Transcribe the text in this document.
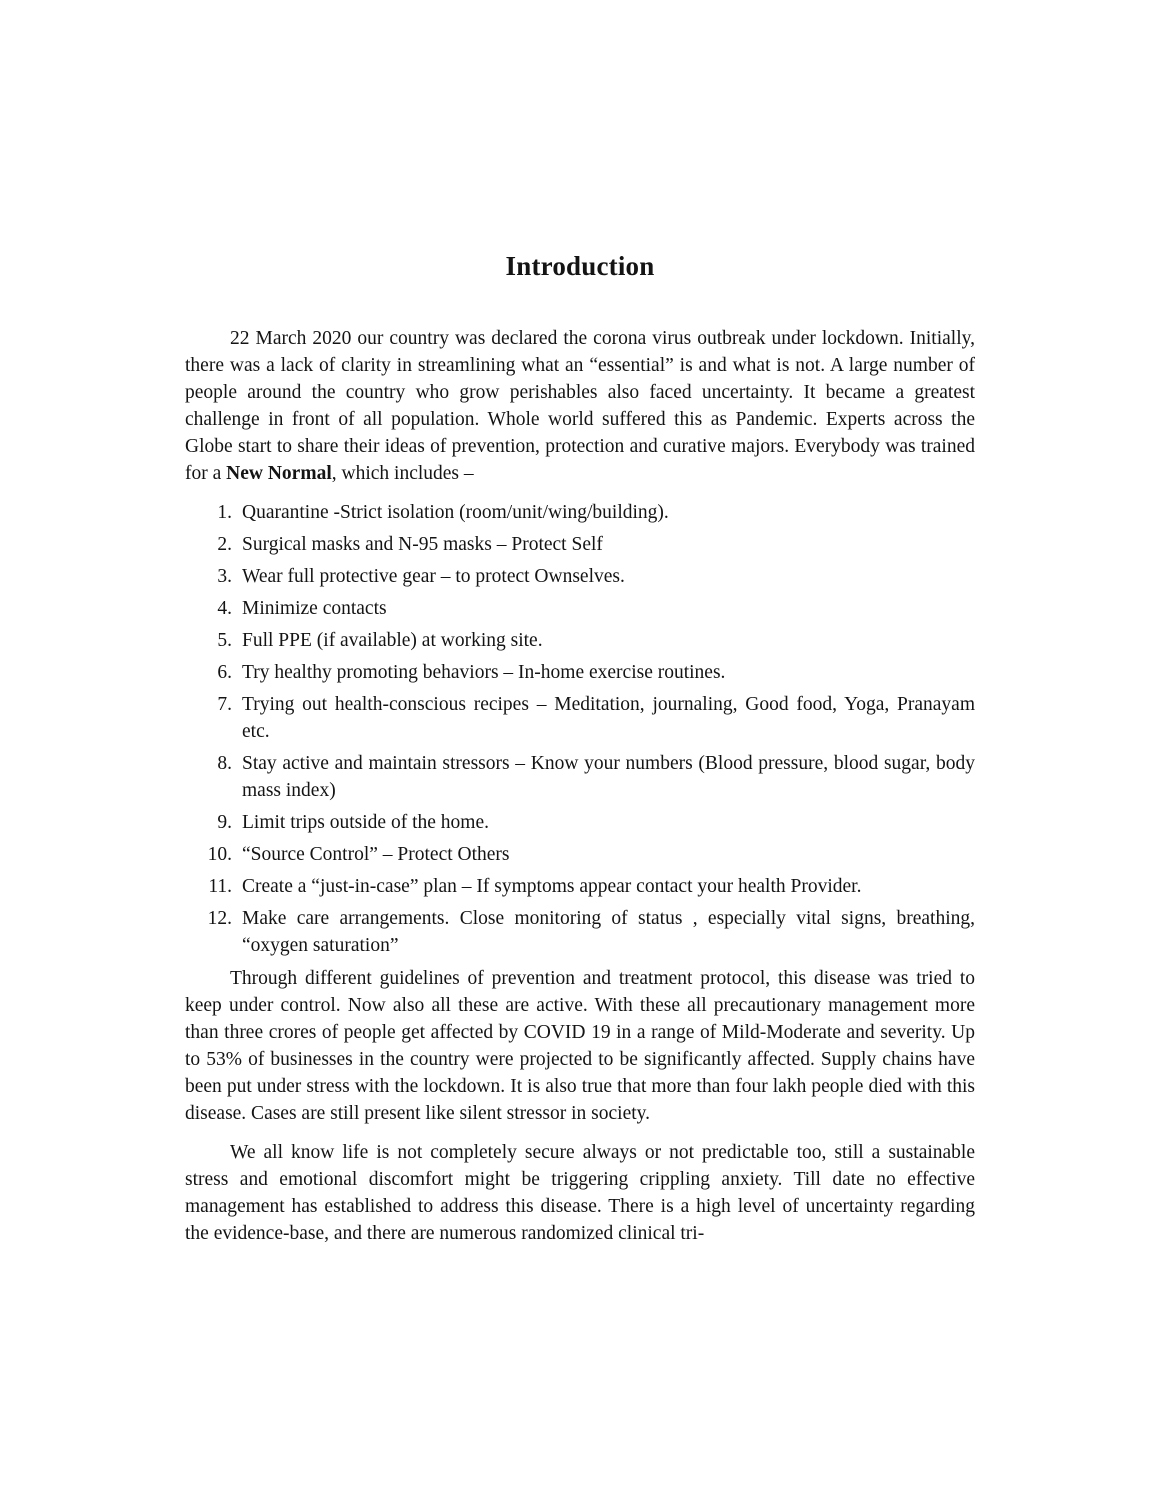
Introduction

22 March 2020 our country was declared the corona virus outbreak under lockdown. Initially, there was a lack of clarity in streamlining what an “essential” is and what is not. A large number of people around the country who grow perishables also faced uncertainty. It became a greatest challenge in front of all population. Whole world suffered this as Pandemic. Experts across the Globe start to share their ideas of prevention, protection and curative majors. Everybody was trained for a New Normal, which includes –

1. Quarantine -Strict isolation (room/unit/wing/building).
2. Surgical masks and N-95 masks – Protect Self
3. Wear full protective gear – to protect Ownselves.
4. Minimize contacts
5. Full PPE (if available) at working site.
6. Try healthy promoting behaviors – In-home exercise routines.
7. Trying out health-conscious recipes – Meditation, journaling, Good food, Yoga, Pranayam etc.
8. Stay active and maintain stressors – Know your numbers (Blood pressure, blood sugar, body mass index)
9. Limit trips outside of the home.
10. “Source Control” – Protect Others
11. Create a “just-in-case” plan – If symptoms appear contact your health Provider.
12. Make care arrangements. Close monitoring of status , especially vital signs, breathing, “oxygen saturation”

Through different guidelines of prevention and treatment protocol, this disease was tried to keep under control. Now also all these are active. With these all precautionary management more than three crores of people get affected by COVID 19 in a range of Mild-Moderate and severity. Up to 53% of businesses in the country were projected to be significantly affected. Supply chains have been put under stress with the lockdown. It is also true that more than four lakh people died with this disease. Cases are still present like silent stressor in society.

We all know life is not completely secure always or not predictable too, still a sustainable stress and emotional discomfort might be triggering crippling anxiety. Till date no effective management has established to address this disease. There is a high level of uncertainty regarding the evidence-base, and there are numerous randomized clinical tri-
